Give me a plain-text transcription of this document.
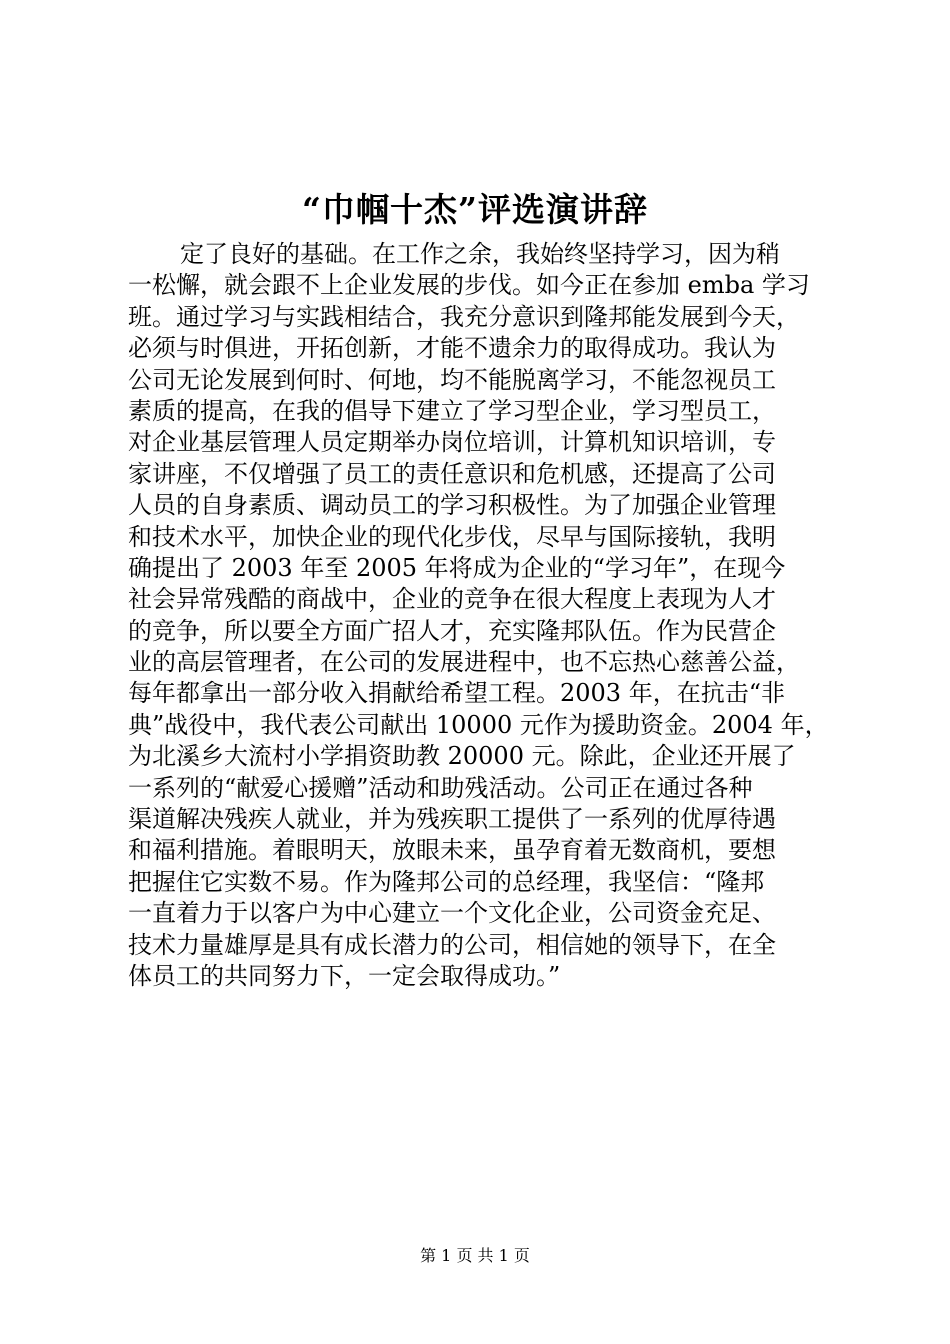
“巾帼十杰”评选演讲辞
定了良好的基础。在工作之余，我始终坚持学习，因为稍
一松懈，就会跟不上企业发展的步伐。如今正在参加 emba 学习
班。通过学习与实践相结合，我充分意识到隆邦能发展到今天，
必须与时俱进，开拓创新，才能不遗余力的取得成功。我认为
公司无论发展到何时、何地，均不能脱离学习，不能忽视员工
素质的提高，在我的倡导下建立了学习型企业，学习型员工，
对企业基层管理人员定期举办岗位培训，计算机知识培训，专
家讲座，不仅增强了员工的责任意识和危机感，还提高了公司
人员的自身素质、调动员工的学习积极性。为了加强企业管理
和技术水平，加快企业的现代化步伐，尽早与国际接轨，我明
确提出了 2003 年至 2005 年将成为企业的“学习年”，在现今
社会异常残酷的商战中，企业的竞争在很大程度上表现为人才
的竞争，所以要全方面广招人才，充实隆邦队伍。作为民营企
业的高层管理者，在公司的发展进程中，也不忘热心慈善公益，
每年都拿出一部分收入捐献给希望工程。2003 年，在抗击“非
典”战役中，我代表公司献出 10000 元作为援助资金。2004 年，
为北溪乡大流村小学捐资助教 20000 元。除此，企业还开展了
一系列的“献爱心援赠”活动和助残活动。公司正在通过各种
渠道解决残疾人就业，并为残疾职工提供了一系列的优厚待遇
和福利措施。着眼明天，放眼未来，虽孕育着无数商机，要想
把握住它实数不易。作为隆邦公司的总经理，我坚信：“隆邦
一直着力于以客户为中心建立一个文化企业，公司资金充足、
技术力量雄厚是具有成长潜力的公司，相信她的领导下，在全
体员工的共同努力下，一定会取得成功。”
第 1 页 共 1 页
